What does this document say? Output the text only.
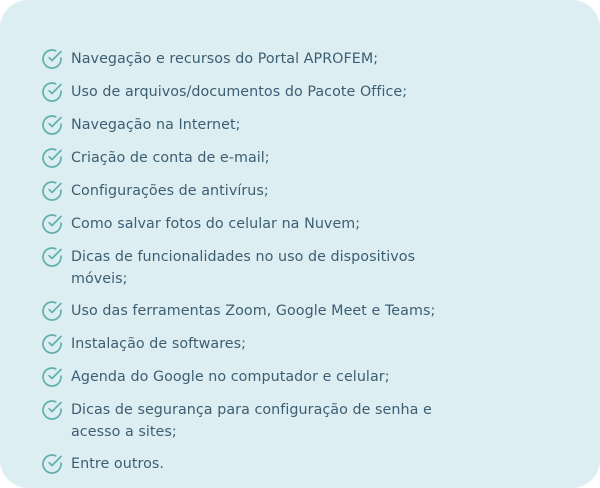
Navegação e recursos do Portal APROFEM;
Uso de arquivos/documentos do Pacote Office;
Navegação na Internet;
Criação de conta de e-mail;
Configurações de antivírus;
Como salvar fotos do celular na Nuvem;
Dicas de funcionalidades no uso de dispositivos móveis;
Uso das ferramentas Zoom, Google Meet e Teams;
Instalação de softwares;
Agenda do Google no computador e celular;
Dicas de segurança para configuração de senha e acesso a sites;
Entre outros.
